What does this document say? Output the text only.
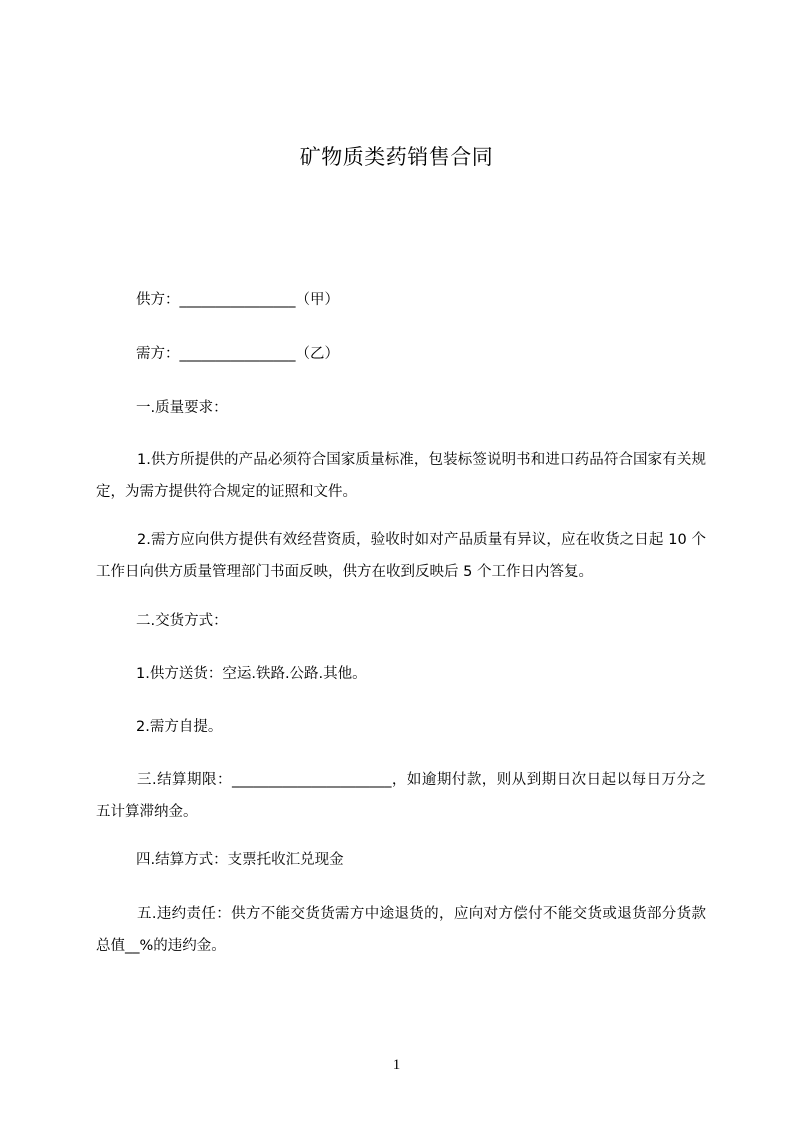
矿物质类药销售合同
供方：________________（甲）
需方：________________（乙）
一.质量要求：
1.供方所提供的产品必须符合国家质量标准，包装标签说明书和进口药品符合国家有关规定，为需方提供符合规定的证照和文件。
2.需方应向供方提供有效经营资质，验收时如对产品质量有异议，应在收货之日起 10 个工作日向供方质量管理部门书面反映，供方在收到反映后 5 个工作日内答复。
二.交货方式：
1.供方送货：空运.铁路.公路.其他。
2.需方自提。
三.结算期限：______________________，如逾期付款，则从到期日次日起以每日万分之五计算滞纳金。
四.结算方式：支票托收汇兑现金
五.违约责任：供方不能交货货需方中途退货的，应向对方偿付不能交货或退货部分货款总值__%的违约金。
1
